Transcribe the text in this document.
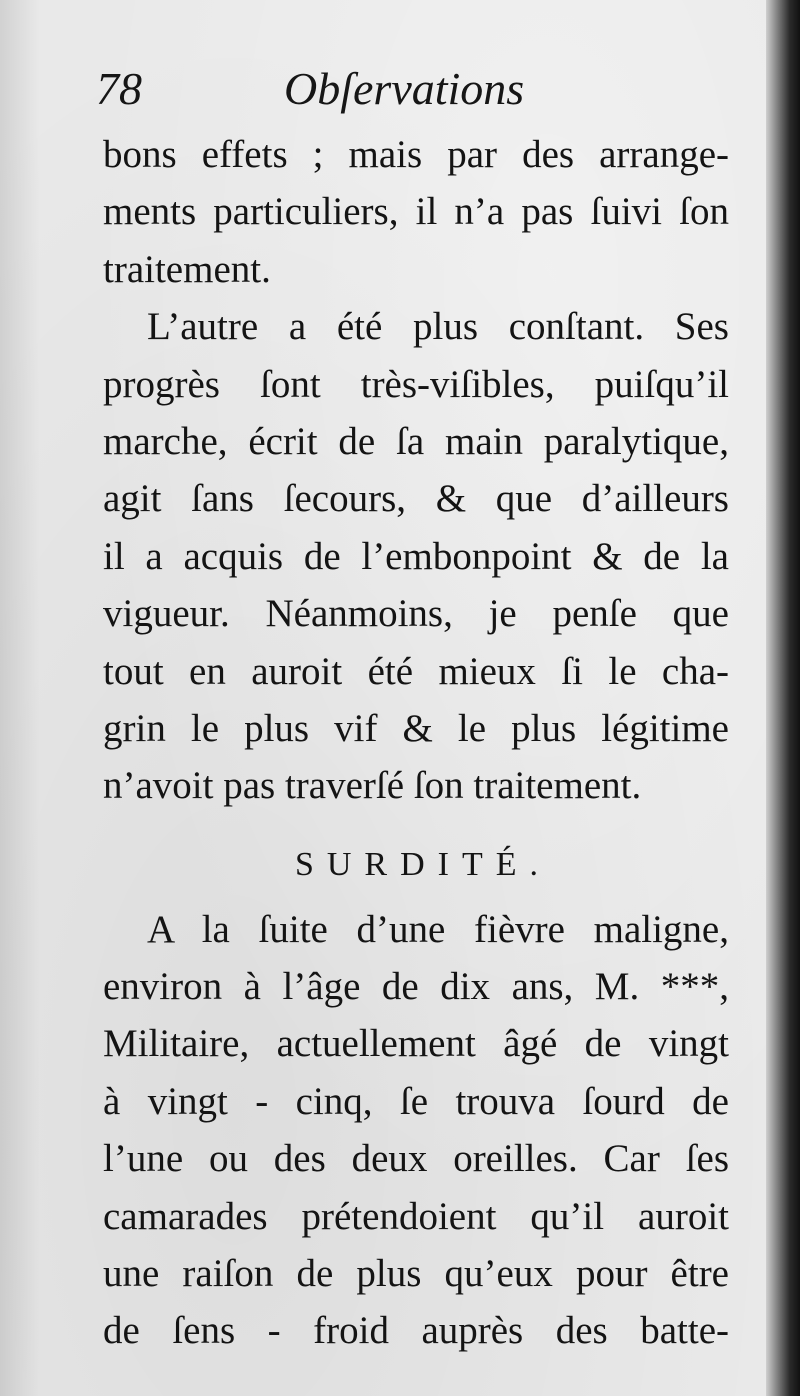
78	Obſervations
bons effets ; mais par des arrange-
ments particuliers, il n’a pas ſuivi ſon
traitement.
L’autre a été plus conſtant. Ses
progrès ſont très-viſibles, puiſqu’il
marche, écrit de ſa main paralytique,
agit ſans ſecours, & que d’ailleurs
il a acquis de l’embonpoint & de la
vigueur. Néanmoins, je penſe que
tout en auroit été mieux ſi le cha-
grin le plus vif & le plus légitime
n’avoit pas traverſé ſon traitement.
SURDITÉ.
A la ſuite d’une fièvre maligne,
environ à l’âge de dix ans, M. ***,
Militaire, actuellement âgé de vingt
à vingt - cinq, ſe trouva ſourd de
l’une ou des deux oreilles. Car ſes
camarades prétendoient qu’il auroit
une raiſon de plus qu’eux pour être
de ſens - froid auprès des batte-
